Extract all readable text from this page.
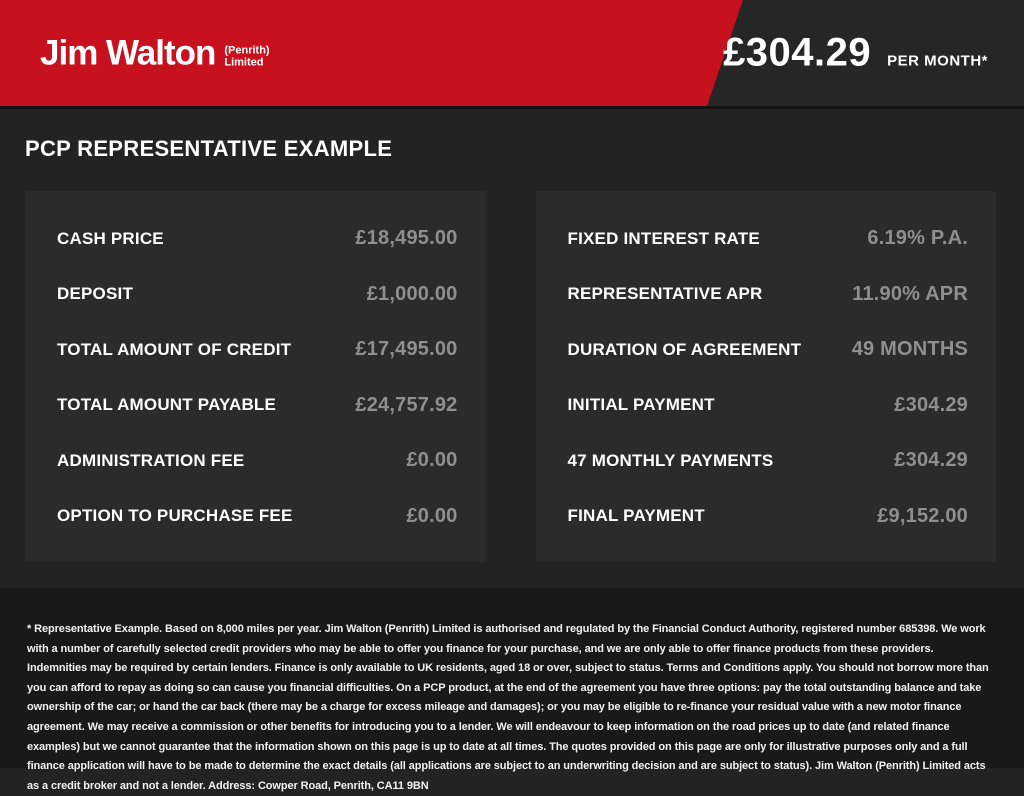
Jim Walton (Penrith)
Limited	£304.29 PER MONTH*
PCP REPRESENTATIVE EXAMPLE
CASH PRICE	£18,495.00
DEPOSIT	£1,000.00
TOTAL AMOUNT OF CREDIT	£17,495.00
TOTAL AMOUNT PAYABLE	£24,757.92
ADMINISTRATION FEE	£0.00
OPTION TO PURCHASE FEE	£0.00
FIXED INTEREST RATE	6.19% P.A.
REPRESENTATIVE APR	11.90% APR
DURATION OF AGREEMENT	49 MONTHS
INITIAL PAYMENT	£304.29
47 MONTHLY PAYMENTS	£304.29
FINAL PAYMENT	£9,152.00

* Representative Example. Based on 8,000 miles per year. Jim Walton (Penrith) Limited is authorised and regulated by the Financial Conduct Authority, registered number 685398. We work with a number of carefully selected credit providers who may be able to offer you finance for your purchase, and we are only able to offer finance products from these providers. Indemnities may be required by certain lenders. Finance is only available to UK residents, aged 18 or over, subject to status. Terms and Conditions apply. You should not borrow more than you can afford to repay as doing so can cause you financial difficulties. On a PCP product, at the end of the agreement you have three options: pay the total outstanding balance and take ownership of the car; or hand the car back (there may be a charge for excess mileage and damages); or you may be eligible to re-finance your residual value with a new motor finance agreement. We may receive a commission or other benefits for introducing you to a lender. We will endeavour to keep information on the road prices up to date (and related finance examples) but we cannot guarantee that the information shown on this page is up to date at all times. The quotes provided on this page are only for illustrative purposes only and a full finance application will have to be made to determine the exact details (all applications are subject to an underwriting decision and are subject to status). Jim Walton (Penrith) Limited acts as a credit broker and not a lender. Address: Cowper Road, Penrith, CA11 9BN
